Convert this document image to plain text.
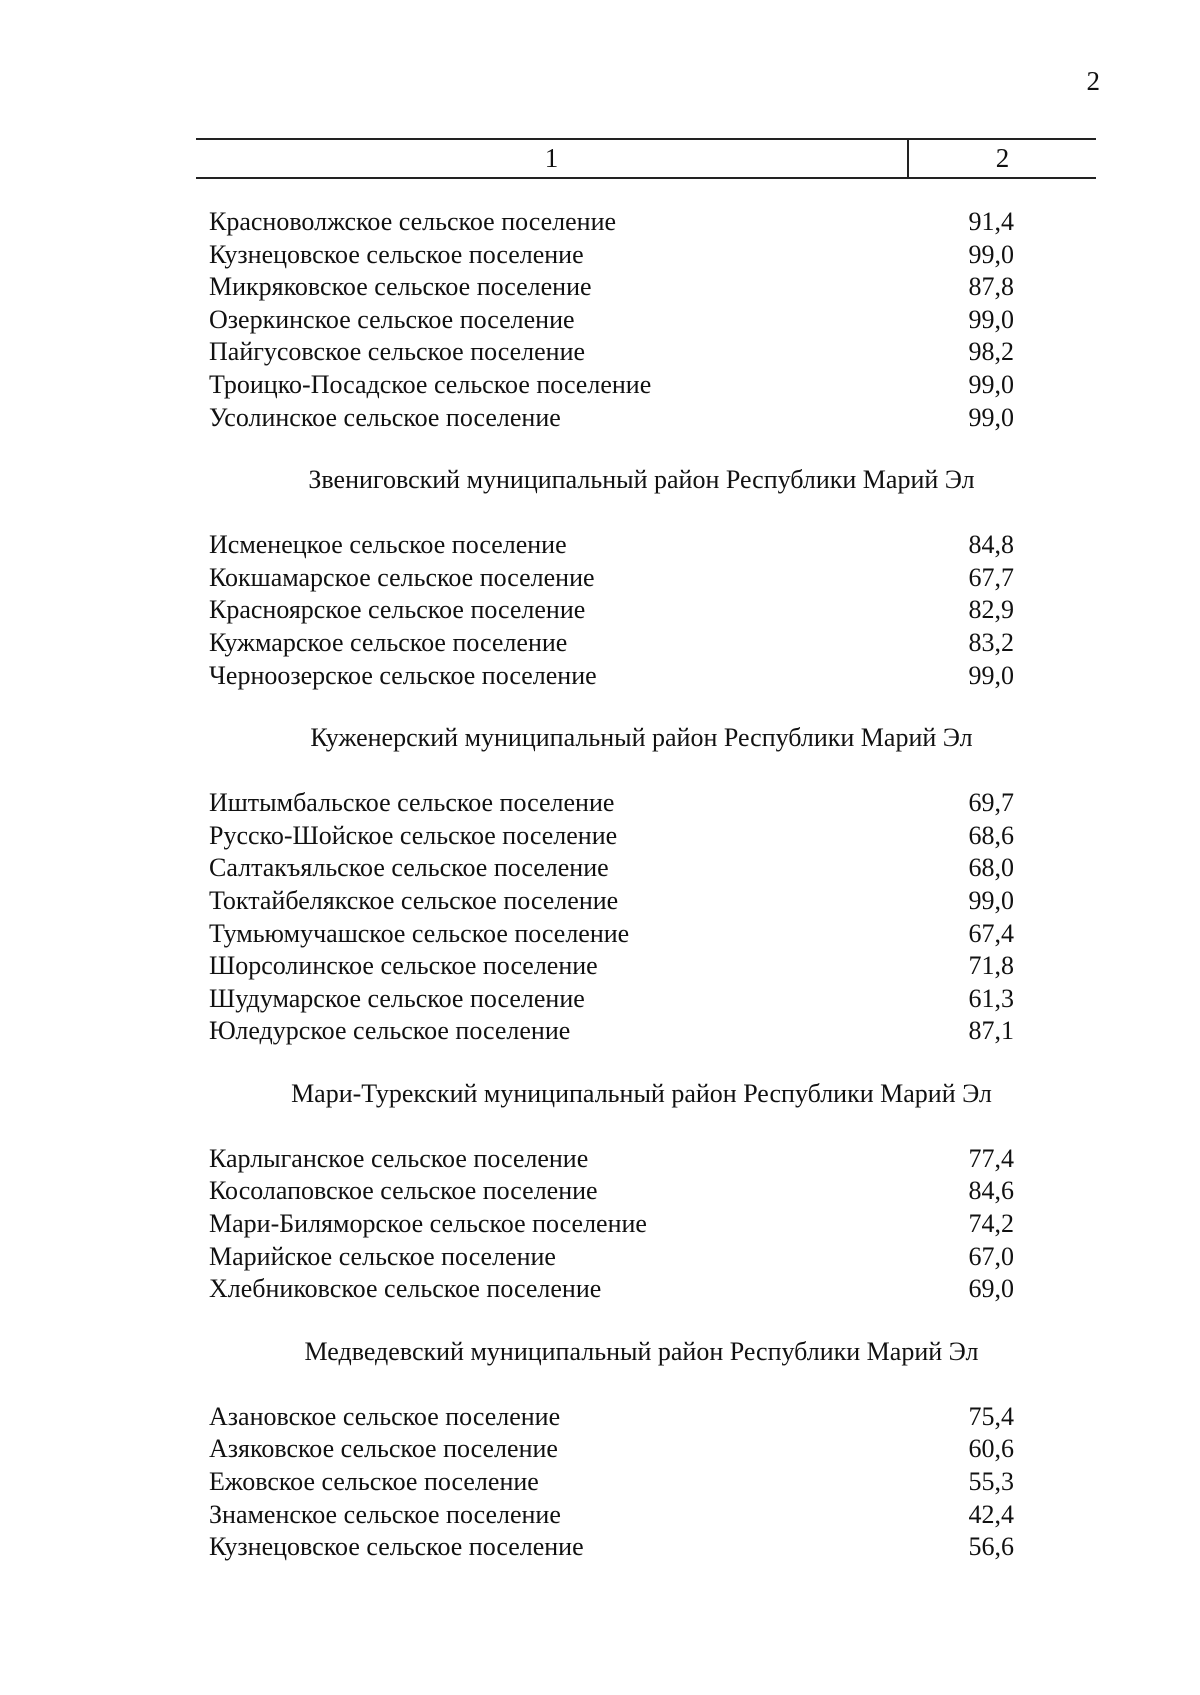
2
1	2
Красноволжское сельское поселение	91,4
Кузнецовское сельское поселение	99,0
Микряковское сельское поселение	87,8
Озеркинское сельское поселение	99,0
Пайгусовское сельское поселение	98,2
Троицко-Посадское сельское поселение	99,0
Усолинское сельское поселение	99,0
Звениговский муниципальный район Республики Марий Эл
Исменецкое сельское поселение	84,8
Кокшамарское сельское поселение	67,7
Красноярское сельское поселение	82,9
Кужмарское сельское поселение	83,2
Черноозерское сельское поселение	99,0
Куженерский муниципальный район Республики Марий Эл
Иштымбальское сельское поселение	69,7
Русско-Шойское сельское поселение	68,6
Салтакъяльское сельское поселение	68,0
Токтайбелякское сельское поселение	99,0
Тумьюмучашское сельское поселение	67,4
Шорсолинское сельское поселение	71,8
Шудумарское сельское поселение	61,3
Юледурское сельское поселение	87,1
Мари-Турекский муниципальный район Республики Марий Эл
Карлыганское сельское поселение	77,4
Косолаповское сельское поселение	84,6
Мари-Биляморское сельское поселение	74,2
Марийское сельское поселение	67,0
Хлебниковское сельское поселение	69,0
Медведевский муниципальный район Республики Марий Эл
Азановское сельское поселение	75,4
Азяковское сельское поселение	60,6
Ежовское сельское поселение	55,3
Знаменское сельское поселение	42,4
Кузнецовское сельское поселение	56,6
